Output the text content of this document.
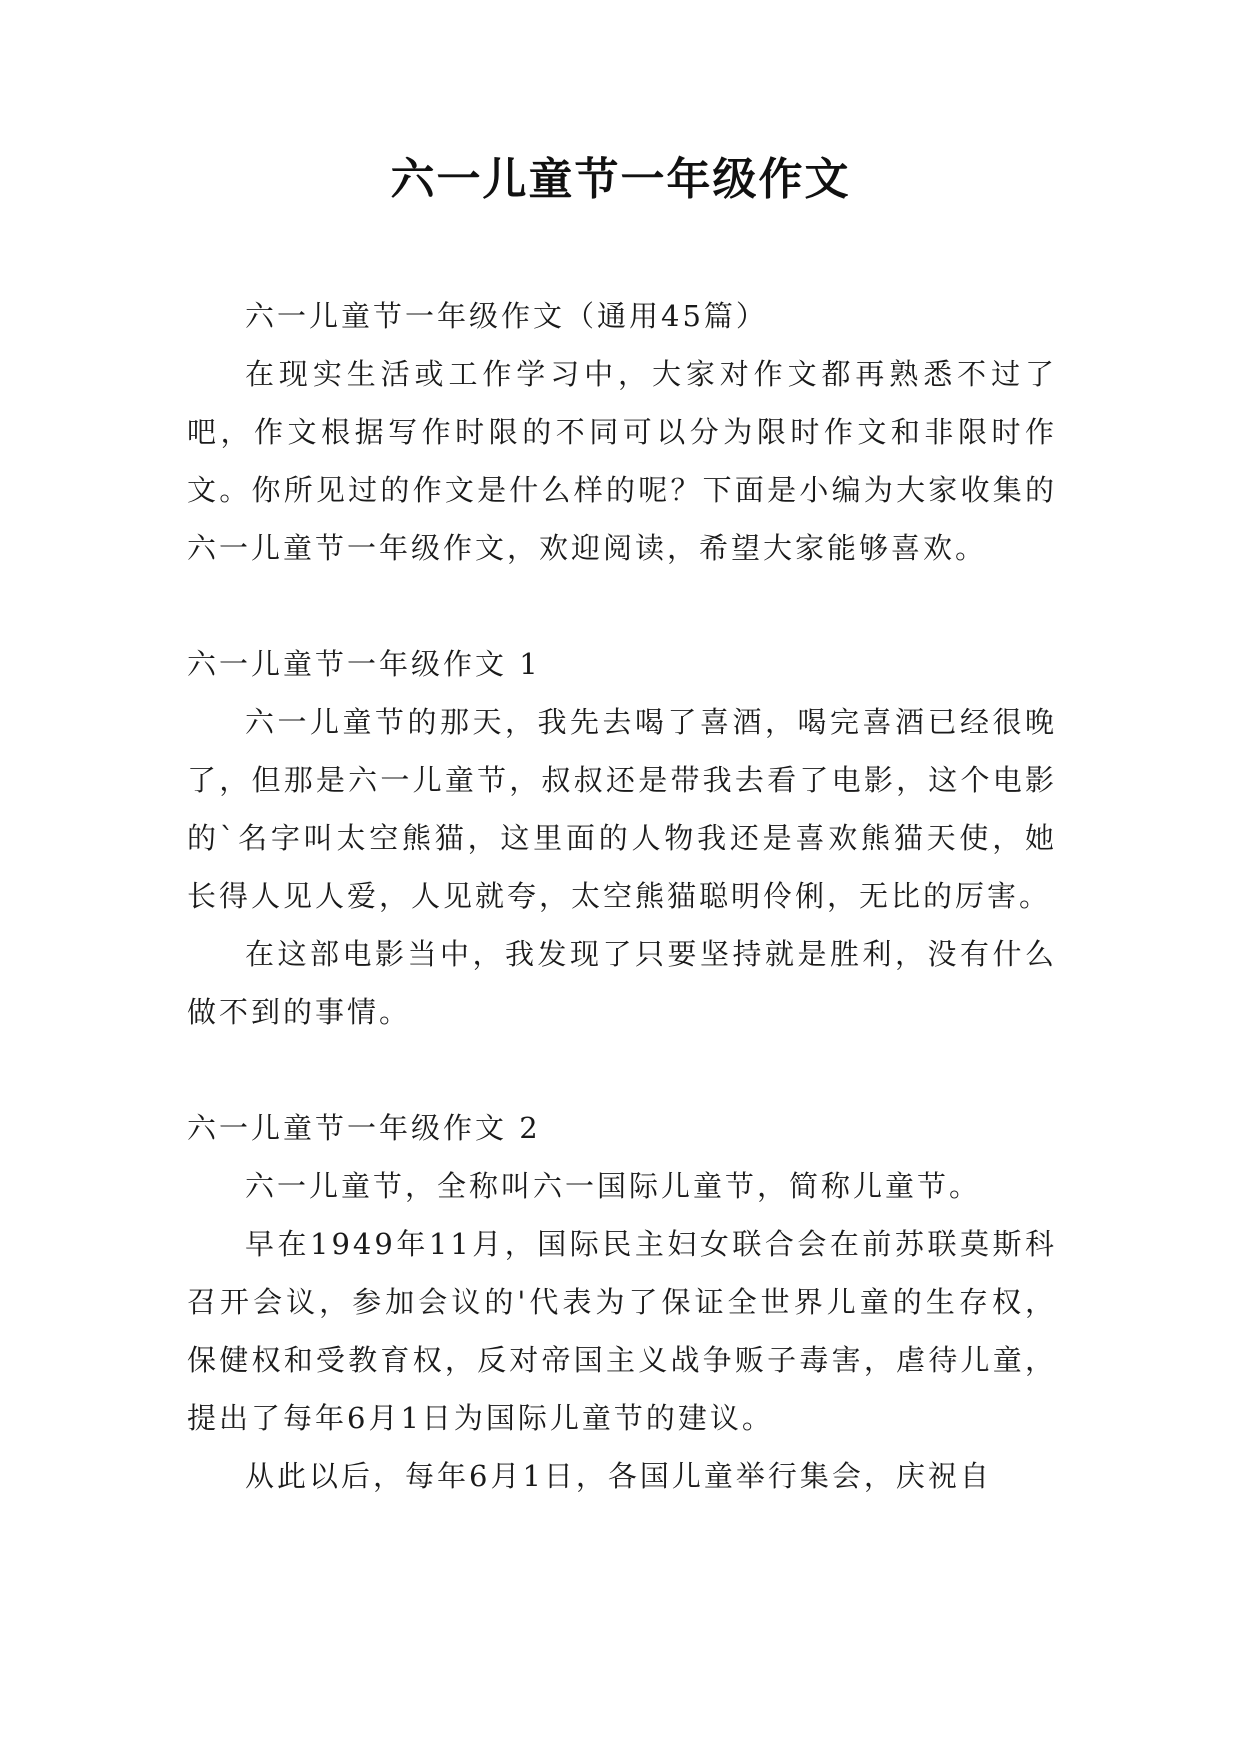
六一儿童节一年级作文

六一儿童节一年级作文（通用45篇）

在现实生活或工作学习中，大家对作文都再熟悉不过了吧，作文根据写作时限的不同可以分为限时作文和非限时作文。你所见过的作文是什么样的呢？下面是小编为大家收集的六一儿童节一年级作文，欢迎阅读，希望大家能够喜欢。

六一儿童节一年级作文 1

六一儿童节的那天，我先去喝了喜酒，喝完喜酒已经很晚了，但那是六一儿童节，叔叔还是带我去看了电影，这个电影的`名字叫太空熊猫，这里面的人物我还是喜欢熊猫天使，她长得人见人爱，人见就夸，太空熊猫聪明伶俐，无比的厉害。

在这部电影当中，我发现了只要坚持就是胜利，没有什么做不到的事情。

六一儿童节一年级作文 2

六一儿童节，全称叫六一国际儿童节，简称儿童节。

早在1949年11月，国际民主妇女联合会在前苏联莫斯科召开会议，参加会议的'代表为了保证全世界儿童的生存权，保健权和受教育权，反对帝国主义战争贩子毒害，虐待儿童，提出了每年6月1日为国际儿童节的建议。

从此以后，每年6月1日，各国儿童举行集会，庆祝自
